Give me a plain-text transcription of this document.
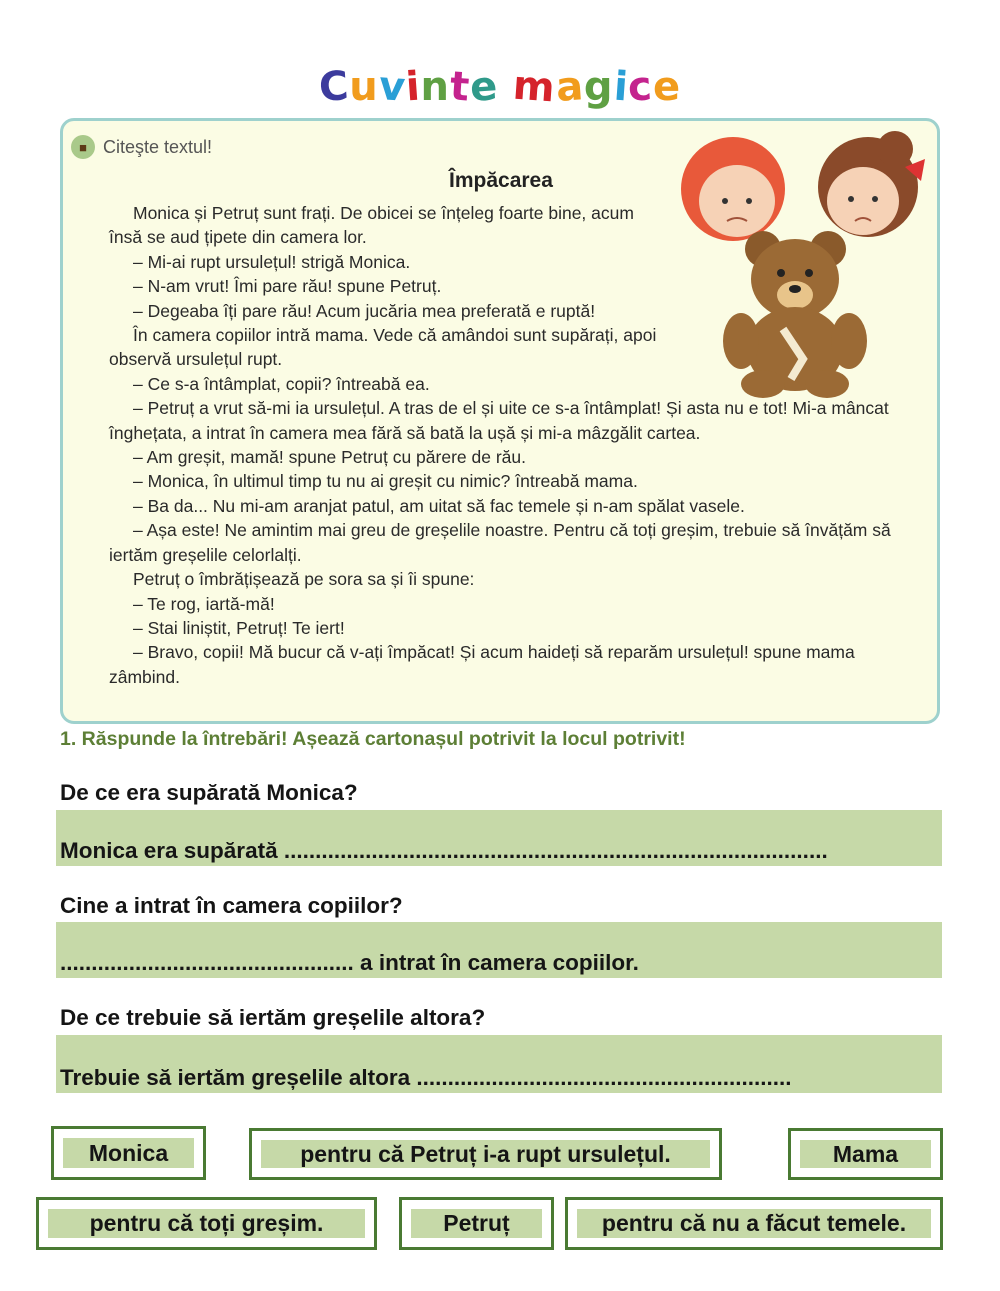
Cuvinte magice
■ Citeşte textul!
Împăcarea

Monica și Petruț sunt frați. De obicei se înțeleg foarte bine, acum însă se aud țipete din camera lor.

– Mi-ai rupt ursulețul! strigă Monica.

– N-am vrut! Îmi pare rău! spune Petruț.

– Degeaba îți pare rău! Acum jucăria mea preferată e ruptă!

În camera copiilor intră mama. Vede că amândoi sunt supărați, apoi observă ursulețul rupt.

– Ce s-a întâmplat, copii? întreabă ea.

– Petruț a vrut să-mi ia ursulețul. A tras de el și uite ce s-a întâmplat! Și asta nu e tot! Mi-a mâncat înghețata, a intrat în camera mea fără să bată la ușă și mi-a mâzgălit cartea.

– Am greșit, mamă! spune Petruț cu părere de rău.

– Monica, în ultimul timp tu nu ai greșit cu nimic? întreabă mama.

– Ba da... Nu mi-am aranjat patul, am uitat să fac temele și n-am spălat vasele.

– Așa este! Ne amintim mai greu de greșelile noastre. Pentru că toți greșim, trebuie să învățăm să iertăm greșelile celorlalți.

Petruț o îmbrățișează pe sora sa și îi spune:

– Te rog, iartă-mă!

– Stai liniștit, Petruț! Te iert!

– Bravo, copii! Mă bucur că v-ați împăcat! Și acum haideți să reparăm ursulețul! spune mama zâmbind.

1. Răspunde la întrebări! Așează cartonașul potrivit la locul potrivit!
De ce era supărată Monica?
Monica era supărată .......................................................................................
Cine a intrat în camera copiilor?
............................................... a intrat în camera copiilor.
De ce trebuie să iertăm greșelile altora?
Trebuie să iertăm greșelile altora ............................................................
Monica	pentru că Petruț i-a rupt ursulețul.	Mama
pentru că toți greșim.	Petruț	pentru că nu a făcut temele.
